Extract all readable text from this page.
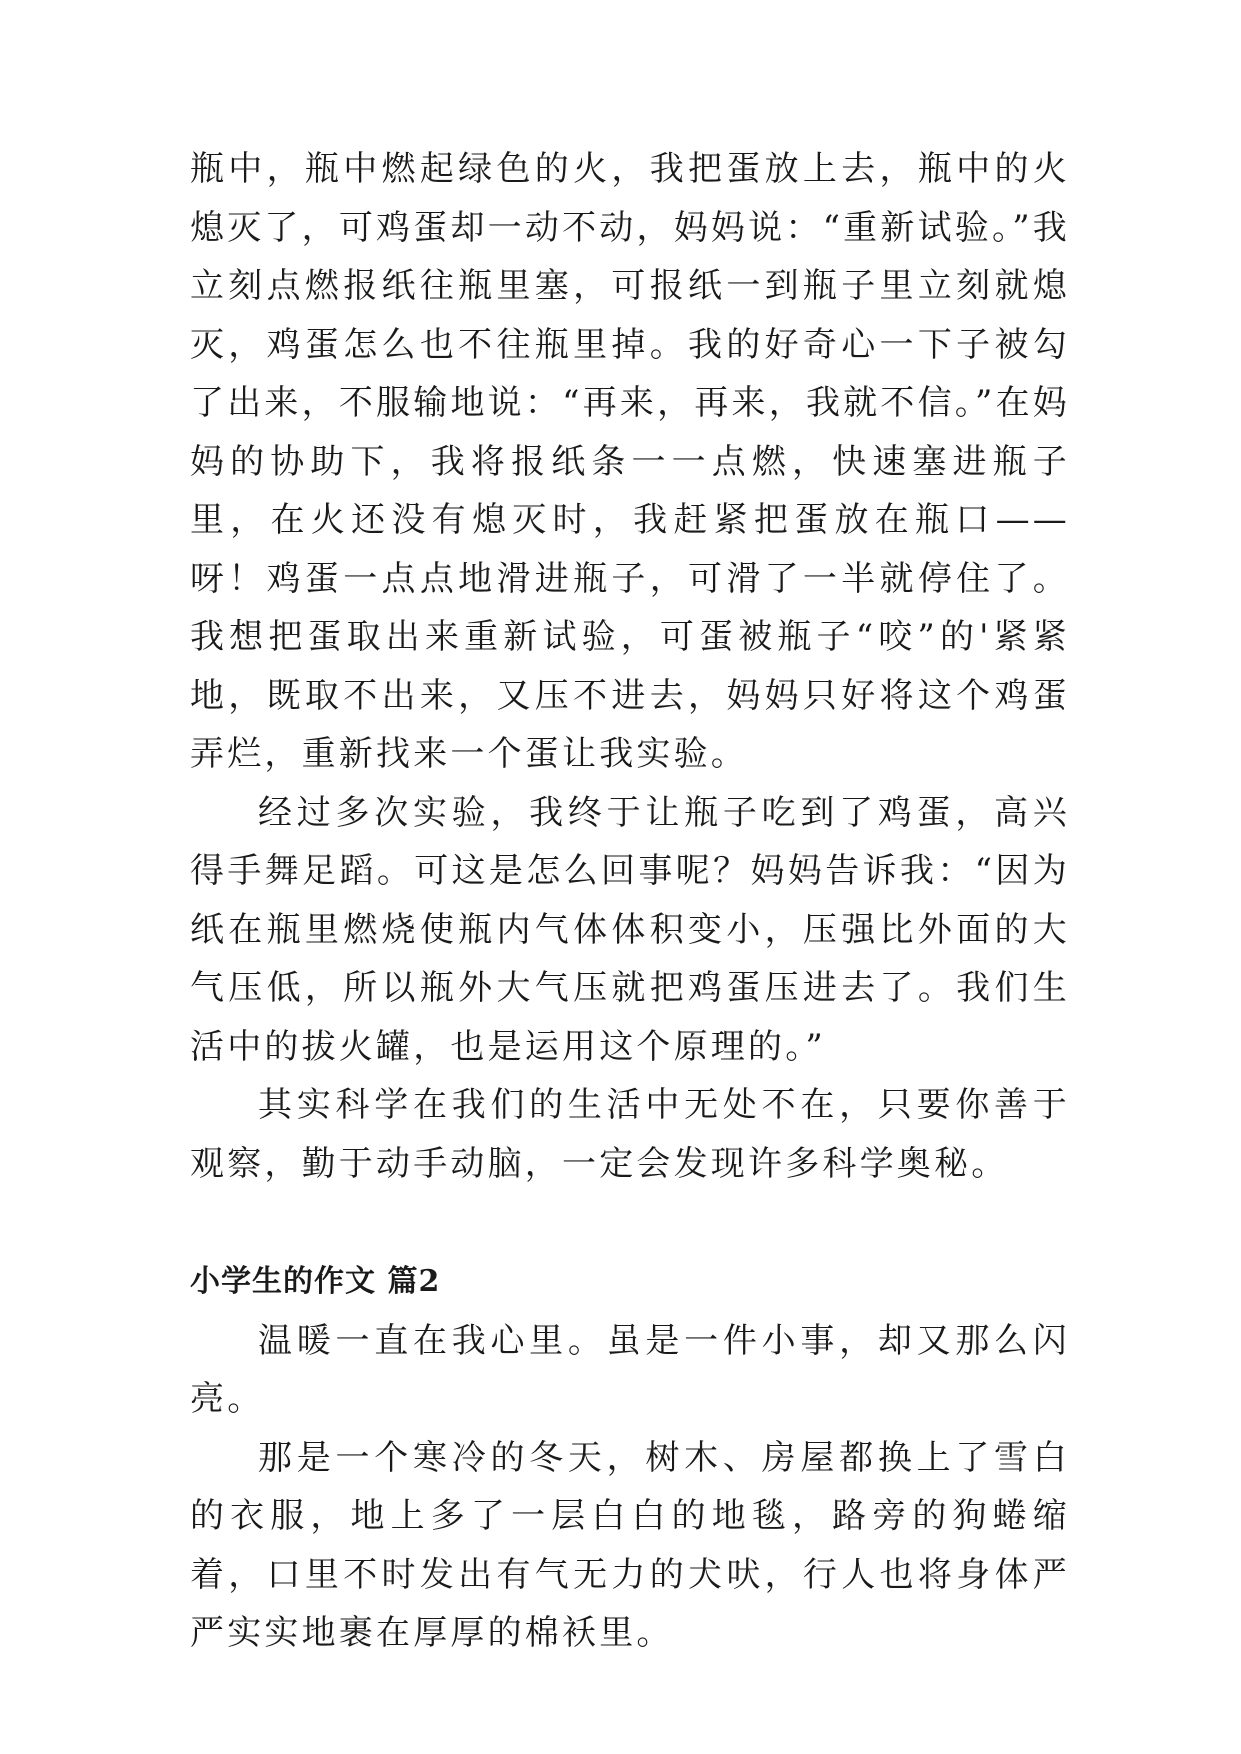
瓶中，瓶中燃起绿色的火，我把蛋放上去，瓶中的火熄灭了，可鸡蛋却一动不动，妈妈说：“重新试验。”我立刻点燃报纸往瓶里塞，可报纸一到瓶子里立刻就熄灭，鸡蛋怎么也不往瓶里掉。我的好奇心一下子被勾了出来，不服输地说：“再来，再来，我就不信。”在妈妈的协助下，我将报纸条一一点燃，快速塞进瓶子里，在火还没有熄灭时，我赶紧把蛋放在瓶口——呀！鸡蛋一点点地滑进瓶子，可滑了一半就停住了。我想把蛋取出来重新试验，可蛋被瓶子“咬”的'紧紧地，既取不出来，又压不进去，妈妈只好将这个鸡蛋弄烂，重新找来一个蛋让我实验。

经过多次实验，我终于让瓶子吃到了鸡蛋，高兴得手舞足蹈。可这是怎么回事呢？妈妈告诉我：“因为纸在瓶里燃烧使瓶内气体体积变小，压强比外面的大气压低，所以瓶外大气压就把鸡蛋压进去了。我们生活中的拔火罐，也是运用这个原理的。”

其实科学在我们的生活中无处不在，只要你善于观察，勤于动手动脑，一定会发现许多科学奥秘。

小学生的作文 篇2

温暖一直在我心里。虽是一件小事，却又那么闪亮。

那是一个寒冷的冬天，树木、房屋都换上了雪白的衣服，地上多了一层白白的地毯，路旁的狗蜷缩着，口里不时发出有气无力的犬吠，行人也将身体严严实实地裹在厚厚的棉袄里。
